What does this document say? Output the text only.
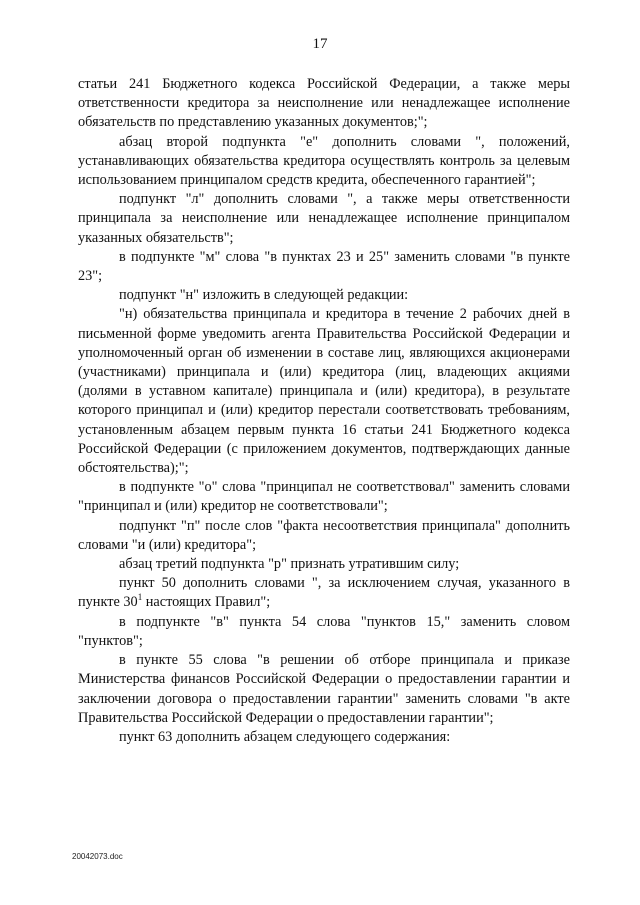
17

статьи 241 Бюджетного кодекса Российской Федерации, а также меры ответственности кредитора за неисполнение или ненадлежащее исполнение обязательств по представлению указанных документов;";

абзац второй подпункта "е" дополнить словами ", положений, устанавливающих обязательства кредитора осуществлять контроль за целевым использованием принципалом средств кредита, обеспеченного гарантией";

подпункт "л" дополнить словами ", а также меры ответственности принципала за неисполнение или ненадлежащее исполнение принципалом указанных обязательств";

в подпункте "м" слова "в пунктах 23 и 25" заменить словами "в пункте 23";

подпункт "н" изложить в следующей редакции:

"н) обязательства принципала и кредитора в течение 2 рабочих дней в письменной форме уведомить агента Правительства Российской Федерации и уполномоченный орган об изменении в составе лиц, являющихся акционерами (участниками) принципала и (или) кредитора (лиц, владеющих акциями (долями в уставном капитале) принципала и (или) кредитора), в результате которого принципал и (или) кредитор перестали соответствовать требованиям, установленным абзацем первым пункта 16 статьи 241 Бюджетного кодекса Российской Федерации (с приложением документов, подтверждающих данные обстоятельства);";

в подпункте "о" слова "принципал не соответствовал" заменить словами "принципал и (или) кредитор не соответствовали";

подпункт "п" после слов "факта несоответствия принципала" дополнить словами "и (или) кредитора";

абзац третий подпункта "р" признать утратившим силу;

пункт 50 дополнить словами ", за исключением случая, указанного в пункте $30^1$ настоящих Правил";

в подпункте "в" пункта 54 слова "пунктов 15," заменить словом "пунктов";

в пункте 55 слова "в решении об отборе принципала и приказе Министерства финансов Российской Федерации о предоставлении гарантии и заключении договора о предоставлении гарантии" заменить словами "в акте Правительства Российской Федерации о предоставлении гарантии";

пункт 63 дополнить абзацем следующего содержания:

20042073.doc
